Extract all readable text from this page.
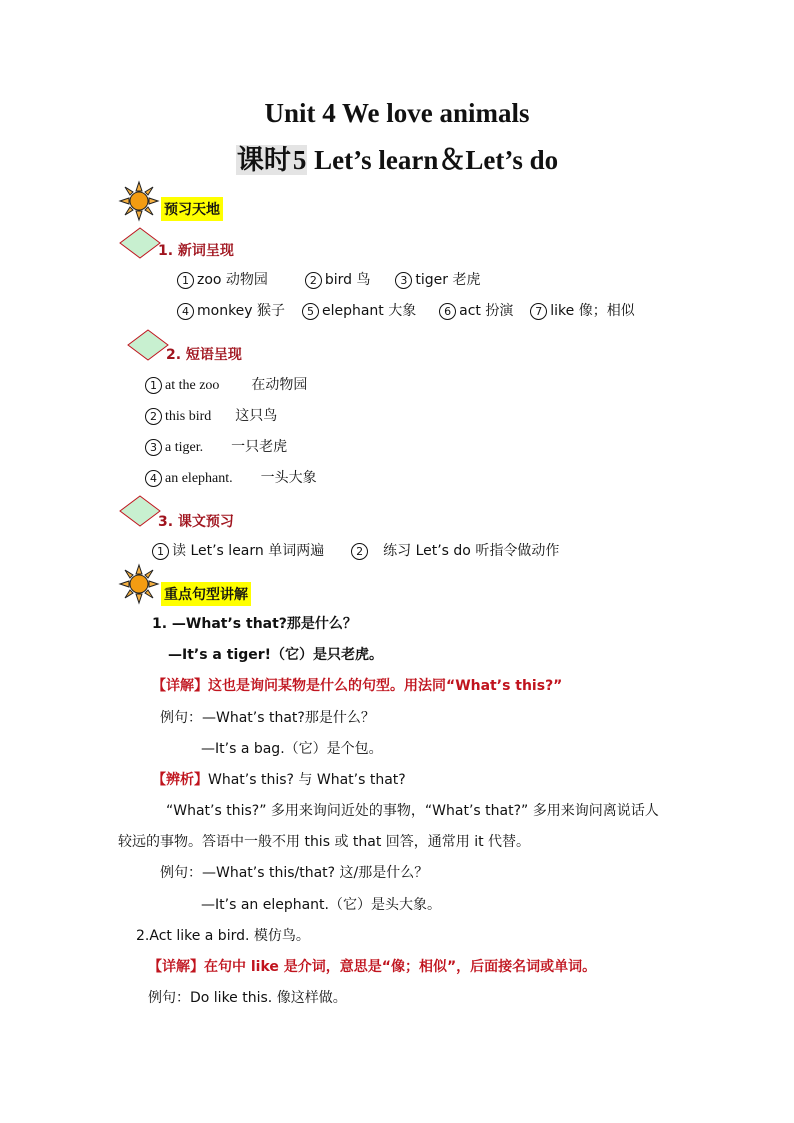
Unit 4 We love animals
课时5 Let’s learn＆Let’s do
预习天地
1. 新词呈现
1 zoo 动物园	2 bird 鸟	3 tiger 老虎
4 monkey 猴子 5 elephant 大象	6 act 扮演 7 like 像；相似
2. 短语呈现
1 at the zoo 在动物园
2 this bird 这只鸟
3 a tiger. 一只老虎
4 an elephant. 一头大象
3. 课文预习
1 读 Let’s learn 单词两遍	2 练习 Let’s do 听指令做动作
重点句型讲解
1. —What’s that?那是什么？
—It’s a tiger!（它）是只老虎。
【详解】这也是询问某物是什么的句型。用法同“What’s this?”
例句：—What’s that?那是什么？
—It’s a bag.（它）是个包。
【辨析】What’s this? 与 What’s that?
“What’s this?” 多用来询问近处的事物，“What’s that?” 多用来询问离说话人
较远的事物。答语中一般不用 this 或 that 回答，通常用 it 代替。
例句：—What’s this/that? 这/那是什么？
—It’s an elephant.（它）是头大象。
2.Act like a bird. 模仿鸟。
【详解】在句中 like 是介词，意思是“像；相似”，后面接名词或单词。
例句：Do like this. 像这样做。
